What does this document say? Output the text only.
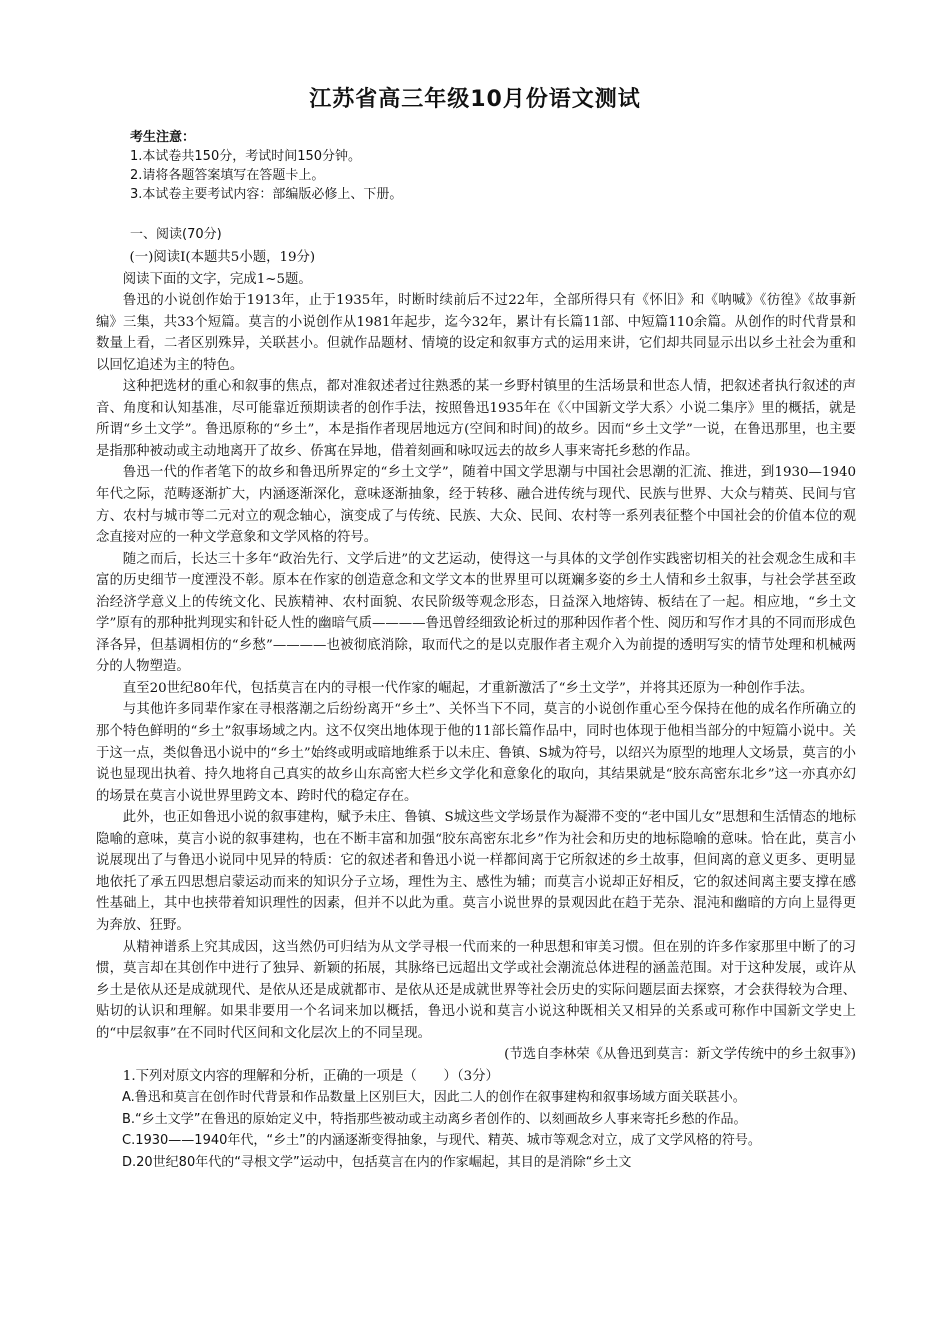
江苏省高三年级10月份语文测试
考生注意：
1.本试卷共150分，考试时间150分钟。
2.请将各题答案填写在答题卡上。
3.本试卷主要考试内容：部编版必修上、下册。
一、阅读(70分)

(一)阅读Ⅰ(本题共5小题，19分)

阅读下面的文字，完成1~5题。

鲁迅的小说创作始于1913年，止于1935年，时断时续前后不过22年，全部所得只有《怀旧》和《呐喊》《彷徨》《故事新编》三集，共33个短篇。莫言的小说创作从1981年起步，迄今32年，累计有长篇11部、中短篇110余篇。从创作的时代背景和数量上看，二者区别殊异，关联甚小。但就作品题材、情境的设定和叙事方式的运用来讲，它们却共同显示出以乡土社会为重和以回忆追述为主的特色。

这种把选材的重心和叙事的焦点，都对准叙述者过往熟悉的某一乡野村镇里的生活场景和世态人情，把叙述者执行叙述的声音、角度和认知基准，尽可能靠近预期读者的创作手法，按照鲁迅1935年在《〈中国新文学大系〉小说二集序》里的概括，就是所谓“乡土文学”。鲁迅原称的“乡土”，本是指作者现居地远方(空间和时间)的故乡。因而“乡土文学”一说，在鲁迅那里，也主要是指那种被动或主动地离开了故乡、侨寓在异地，借着刻画和咏叹远去的故乡人事来寄托乡愁的作品。

鲁迅一代的作者笔下的故乡和鲁迅所界定的“乡土文学”，随着中国文学思潮与中国社会思潮的汇流、推进，到1930—1940年代之际，范畴逐渐扩大，内涵逐渐深化，意味逐渐抽象，经于转移、融合进传统与现代、民族与世界、大众与精英、民间与官方、农村与城市等二元对立的观念轴心，演变成了与传统、民族、大众、民间、农村等一系列表征整个中国社会的价值本位的观念直接对应的一种文学意象和文学风格的符号。

随之而后，长达三十多年“政治先行、文学后进”的文艺运动，使得这一与具体的文学创作实践密切相关的社会观念生成和丰富的历史细节一度湮没不彰。原本在作家的创造意念和文学文本的世界里可以斑斓多姿的乡土人情和乡土叙事，与社会学甚至政治经济学意义上的传统文化、民族精神、农村面貌、农民阶级等观念形态，日益深入地熔铸、板结在了一起。相应地，“乡土文学”原有的那种批判现实和针砭人性的幽暗气质————鲁迅曾经细致论析过的那种因作者个性、阅历和写作才具的不同而形成色泽各异，但基调相仿的“乡愁”————也被彻底消除，取而代之的是以克服作者主观介入为前提的透明写实的情节处理和机械两分的人物塑造。

直至20世纪80年代，包括莫言在内的寻根一代作家的崛起，才重新激活了“乡土文学”，并将其还原为一种创作手法。

与其他许多同辈作家在寻根落潮之后纷纷离开“乡土”、关怀当下不同，莫言的小说创作重心至今保持在他的成名作所确立的那个特色鲜明的“乡土”叙事场域之内。这不仅突出地体现于他的11部长篇作品中，同时也体现于他相当部分的中短篇小说中。关于这一点，类似鲁迅小说中的“乡土”始终或明或暗地维系于以未庄、鲁镇、S城为符号，以绍兴为原型的地理人文场景，莫言的小说也显现出执着、持久地将自己真实的故乡山东高密大栏乡文学化和意象化的取向，其结果就是“胶东高密东北乡”这一亦真亦幻的场景在莫言小说世界里跨文本、跨时代的稳定存在。

此外，也正如鲁迅小说的叙事建构，赋予未庄、鲁镇、S城这些文学场景作为凝滞不变的“老中国儿女”思想和生活情态的地标隐喻的意味，莫言小说的叙事建构，也在不断丰富和加强“胶东高密东北乡”作为社会和历史的地标隐喻的意味。恰在此，莫言小说展现出了与鲁迅小说同中见异的特质：它的叙述者和鲁迅小说一样都间离于它所叙述的乡土故事，但间离的意义更多、更明显地依托了承五四思想启蒙运动而来的知识分子立场，理性为主、感性为辅；而莫言小说却正好相反，它的叙述间离主要支撑在感性基础上，其中也挟带着知识理性的因素，但并不以此为重。莫言小说世界的景观因此在趋于芜杂、混沌和幽暗的方向上显得更为奔放、狂野。

从精神谱系上究其成因，这当然仍可归结为从文学寻根一代而来的一种思想和审美习惯。但在别的许多作家那里中断了的习惯，莫言却在其创作中进行了独异、新颖的拓展，其脉络已远超出文学或社会潮流总体进程的涵盖范围。对于这种发展，或许从乡土是依从还是成就现代、是依从还是成就都市、是依从还是成就世界等社会历史的实际问题层面去探察，才会获得较为合理、贴切的认识和理解。如果非要用一个名词来加以概括，鲁迅小说和莫言小说这种既相关又相异的关系或可称作中国新文学史上的“中层叙事”在不同时代区间和文化层次上的不同呈现。

(节选自李林荣《从鲁迅到莫言：新文学传统中的乡土叙事》)

1.下列对原文内容的理解和分析，正确的一项是（　　）（3分）

A.鲁迅和莫言在创作时代背景和作品数量上区别巨大，因此二人的创作在叙事建构和叙事场域方面关联甚小。

B.“乡土文学”在鲁迅的原始定义中，特指那些被动或主动离乡者创作的、以刻画故乡人事来寄托乡愁的作品。

C.1930——1940年代，“乡土”的内涵逐渐变得抽象，与现代、精英、城市等观念对立，成了文学风格的符号。

D.20世纪80年代的“寻根文学”运动中，包括莫言在内的作家崛起，其目的是消除“乡土文
